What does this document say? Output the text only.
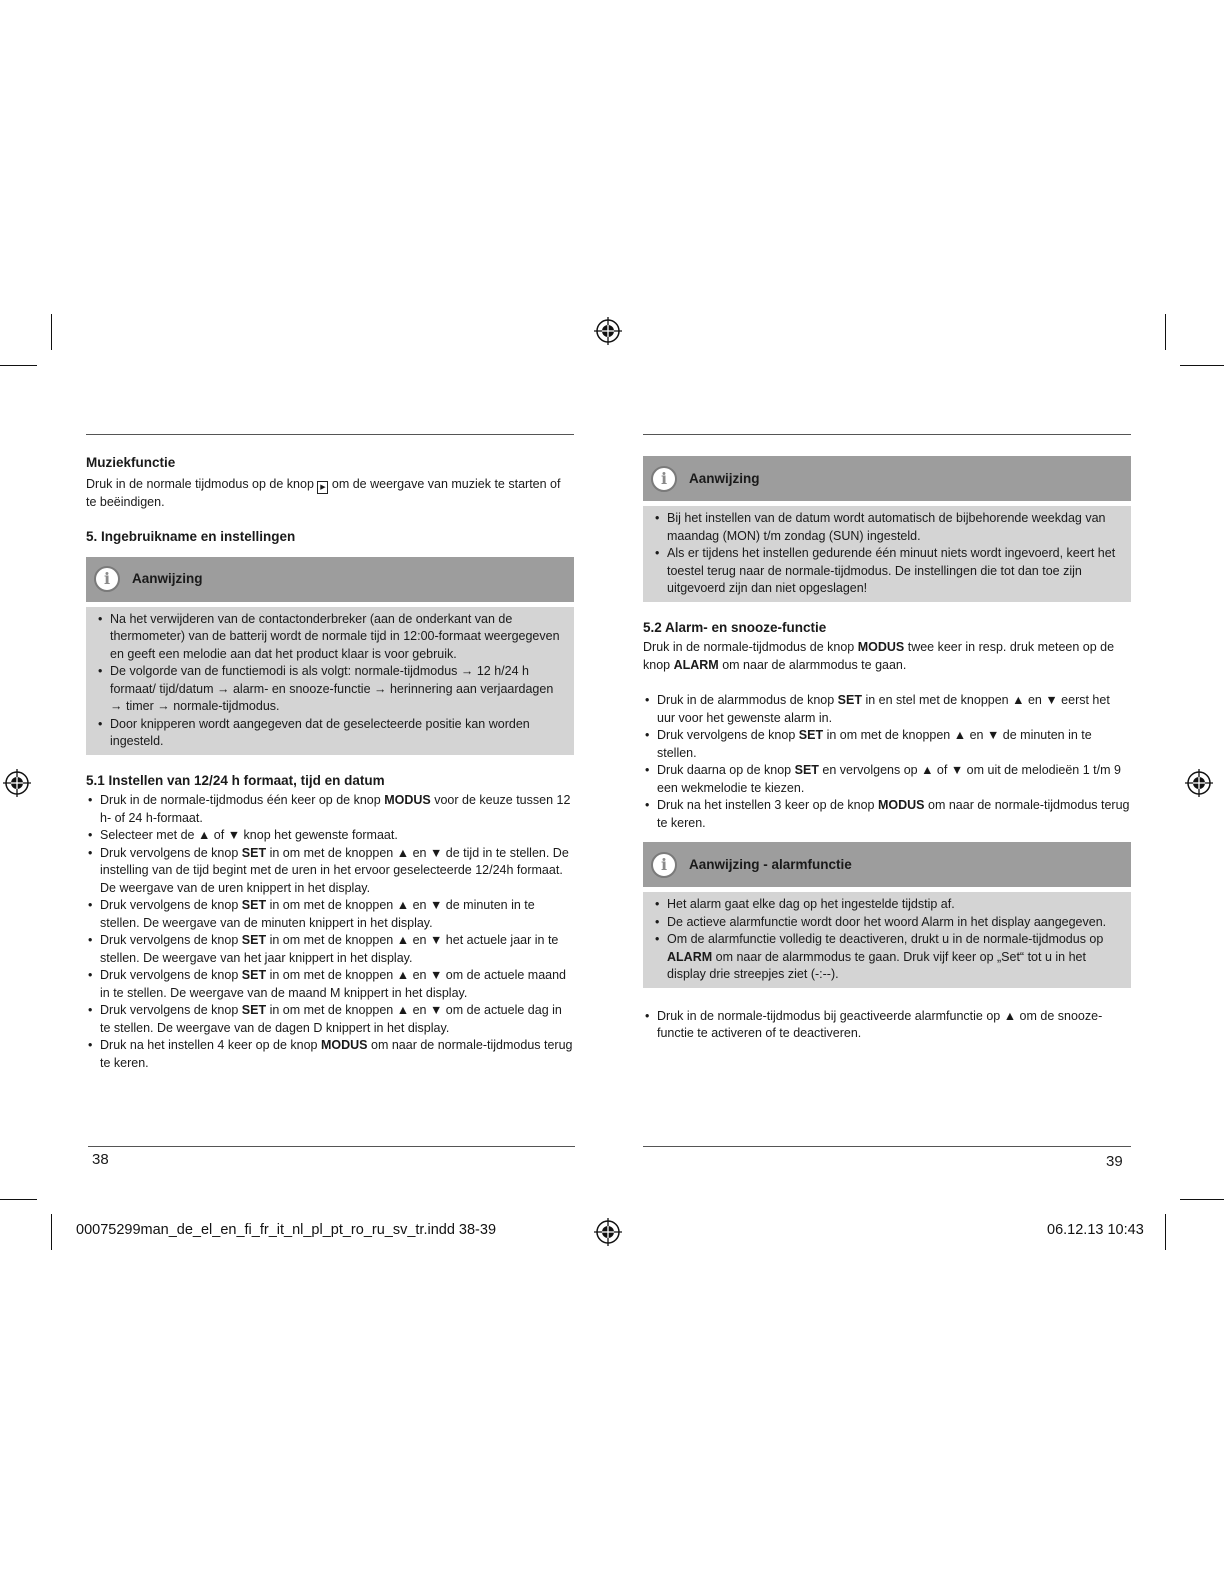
Muziekfunctie

Druk in de normale tijdmodus op de knop ▶ om de weergave van muziek te starten of te beëindigen.

5. Ingebruikname en instellingen
i	Aanwijzing
• Na het verwijderen van de contactonderbreker (aan de onderkant van de thermometer) van de batterij wordt de normale tijd in 12:00-formaat weergegeven en geeft een melodie aan dat het product klaar is voor gebruik.
• De volgorde van de functiemodi is als volgt: normale-tijdmodus → 12 h/24 h formaat/ tijd/datum → alarm- en snooze-functie → herinnering aan verjaardagen → timer → normale-tijdmodus.
• Door knipperen wordt aangegeven dat de geselecteerde positie kan worden ingesteld.
5.1 Instellen van 12/24 h formaat, tijd en datum
• Druk in de normale-tijdmodus één keer op de knop MODUS voor de keuze tussen 12 h- of 24 h-formaat.
• Selecteer met de ▲ of ▼ knop het gewenste formaat.
• Druk vervolgens de knop SET in om met de knoppen ▲ en ▼ de tijd in te stellen. De instelling van de tijd begint met de uren in het ervoor geselecteerde 12/24h formaat. De weergave van de uren knippert in het display.
• Druk vervolgens de knop SET in om met de knoppen ▲ en ▼ de minuten in te stellen. De weergave van de minuten knippert in het display.
• Druk vervolgens de knop SET in om met de knoppen ▲ en ▼ het actuele jaar in te stellen. De weergave van het jaar knippert in het display.
• Druk vervolgens de knop SET in om met de knoppen ▲ en ▼ om de actuele maand in te stellen. De weergave van de maand M knippert in het display.
• Druk vervolgens de knop SET in om met de knoppen ▲ en ▼ om de actuele dag in te stellen. De weergave van de dagen D knippert in het display.
• Druk na het instellen 4 keer op de knop MODUS om naar de normale-tijdmodus terug te keren.
i	Aanwijzing
• Bij het instellen van de datum wordt automatisch de bijbehorende weekdag van maandag (MON) t/m zondag (SUN) ingesteld.
• Als er tijdens het instellen gedurende één minuut niets wordt ingevoerd, keert het toestel terug naar de normale-tijdmodus. De instellingen die tot dan toe zijn uitgevoerd zijn dan niet opgeslagen!
5.2 Alarm- en snooze-functie

Druk in de normale-tijdmodus de knop MODUS twee keer in resp. druk meteen op de knop ALARM om naar de alarmmodus te gaan.

• Druk in de alarmmodus de knop SET in en stel met de knoppen ▲ en ▼ eerst het uur voor het gewenste alarm in.
• Druk vervolgens de knop SET in om met de knoppen ▲ en ▼ de minuten in te stellen.
• Druk daarna op de knop SET en vervolgens op ▲ of ▼ om uit de melodieën 1 t/m 9 een wekmelodie te kiezen.
• Druk na het instellen 3 keer op de knop MODUS om naar de normale-tijdmodus terug te keren.
i	Aanwijzing - alarmfunctie
• Het alarm gaat elke dag op het ingestelde tijdstip af.
• De actieve alarmfunctie wordt door het woord Alarm in het display aangegeven.
• Om de alarmfunctie volledig te deactiveren, drukt u in de normale-tijdmodus op ALARM om naar de alarmmodus te gaan. Druk vijf keer op „Set“ tot u in het display drie streepjes ziet (-:--).
• Druk in de normale-tijdmodus bij geactiveerde alarmfunctie op ▲ om de snooze-functie te activeren of te deactiveren.
38	39
00075299man_de_el_en_fi_fr_it_nl_pl_pt_ro_ru_sv_tr.indd 38-39	06.12.13 10:43
